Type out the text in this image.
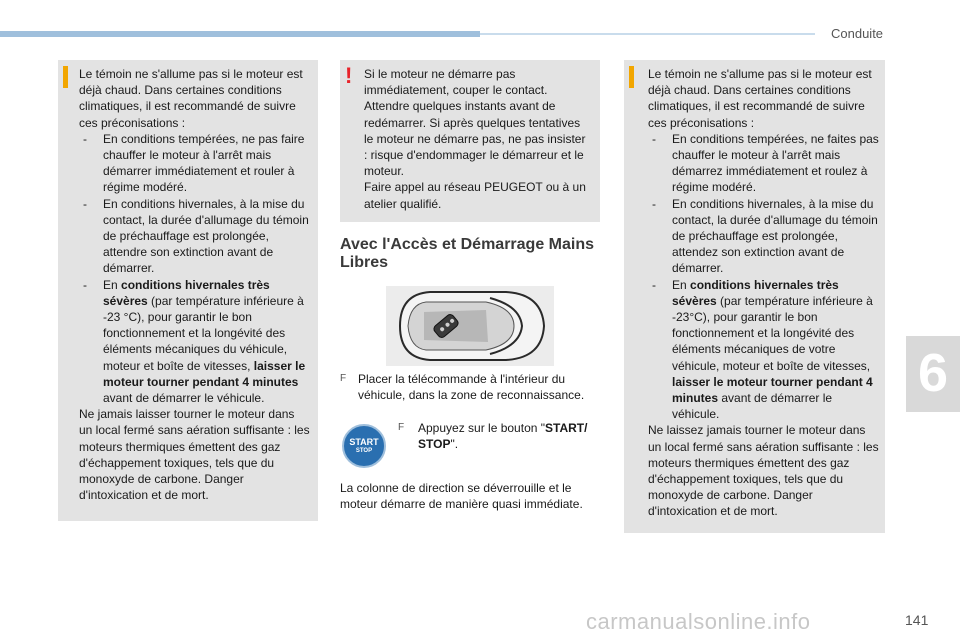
Conduite
6

Le témoin ne s'allume pas si le moteur est déjà chaud. Dans certaines conditions climatiques, il est recommandé de suivre ces préconisations :

- En conditions tempérées, ne pas faire chauffer le moteur à l'arrêt mais démarrer immédiatement et rouler à régime modéré.
- En conditions hivernales, à la mise du contact, la durée d'allumage du témoin de préchauffage est prolongée, attendre son extinction avant de démarrer.
- En conditions hivernales très sévères (par température inférieure à -23 °C), pour garantir le bon fonctionnement et la longévité des éléments mécaniques du véhicule, moteur et boîte de vitesses, laisser le moteur tourner pendant 4 minutes avant de démarrer le véhicule.

Ne jamais laisser tourner le moteur dans un local fermé sans aération suffisante : les moteurs thermiques émettent des gaz d'échappement toxiques, tels que du monoxyde de carbone. Danger d'intoxication et de mort.

! Si le moteur ne démarre pas immédiatement, couper le contact.

Attendre quelques instants avant de redémarrer. Si après quelques tentatives le moteur ne démarre pas, ne pas insister : risque d'endommager le démarreur et le moteur.

Faire appel au réseau PEUGEOT ou à un atelier qualifié.

Avec l'Accès et Démarrage Mains Libres
F Placer la télécommande à l'intérieur du véhicule, dans la zone de reconnaissance.
START
STOP
F	Appuyez sur le bouton "START/ STOP".
La colonne de direction se déverrouille et le moteur démarre de manière quasi immédiate.

Le témoin ne s'allume pas si le moteur est déjà chaud. Dans certaines conditions climatiques, il est recommandé de suivre ces préconisations :

- En conditions tempérées, ne faites pas chauffer le moteur à l'arrêt mais démarrez immédiatement et roulez à régime modéré.
- En conditions hivernales, à la mise du contact, la durée d'allumage du témoin de préchauffage est prolongée, attendez son extinction avant de démarrer.
- En conditions hivernales très sévères (par température inférieure à -23°C), pour garantir le bon fonctionnement et la longévité des éléments mécaniques de votre véhicule, moteur et boîte de vitesses, laisser le moteur tourner pendant 4 minutes avant de démarrer le véhicule.

Ne laissez jamais tourner le moteur dans un local fermé sans aération suffisante : les moteurs thermiques émettent des gaz d'échappement toxiques, tels que du monoxyde de carbone. Danger d'intoxication et de mort.

carmanualsonline.info	141
